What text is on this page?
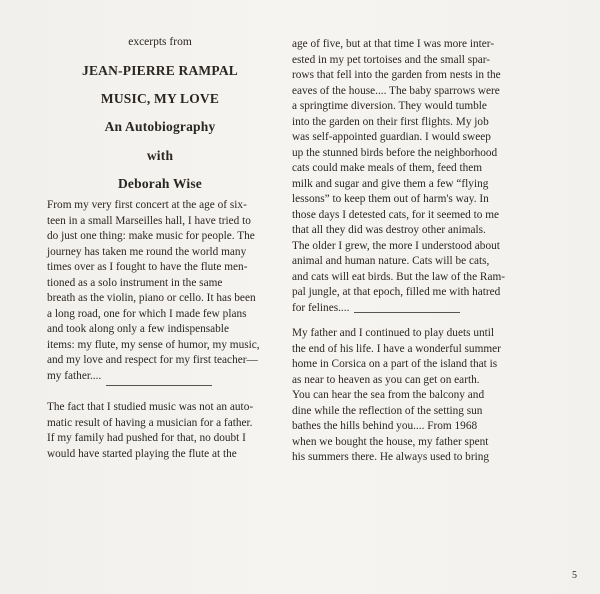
excerpts from

JEAN-PIERRE RAMPAL

MUSIC, MY LOVE

An Autobiography

with

Deborah Wise

From my very first concert at the age of six-
teen in a small Marseilles hall, I have tried to
do just one thing: make music for people. The
journey has taken me round the world many
times over as I fought to have the flute men-
tioned as a solo instrument in the same
breath as the violin, piano or cello. It has been
a long road, one for which I made few plans
and took along only a few indispensable
items: my flute, my sense of humor, my music,
and my love and respect for my first teacher—
my father....
The fact that I studied music was not an auto-
matic result of having a musician for a father.
If my family had pushed for that, no doubt I
would have started playing the flute at the
age of five, but at that time I was more inter-
ested in my pet tortoises and the small spar-
rows that fell into the garden from nests in the
eaves of the house.... The baby sparrows were
a springtime diversion. They would tumble
into the garden on their first flights. My job
was self-appointed guardian. I would sweep
up the stunned birds before the neighborhood
cats could make meals of them, feed them
milk and sugar and give them a few “flying
lessons” to keep them out of harm's way. In
those days I detested cats, for it seemed to me
that all they did was destroy other animals.
The older I grew, the more I understood about
animal and human nature. Cats will be cats,
and cats will eat birds. But the law of the Ram-
pal jungle, at that epoch, filled me with hatred
for felines....
My father and I continued to play duets until
the end of his life. I have a wonderful summer
home in Corsica on a part of the island that is
as near to heaven as you can get on earth.
You can hear the sea from the balcony and
dine while the reflection of the setting sun
bathes the hills behind you.... From 1968
when we bought the house, my father spent
his summers there. He always used to bring
5
